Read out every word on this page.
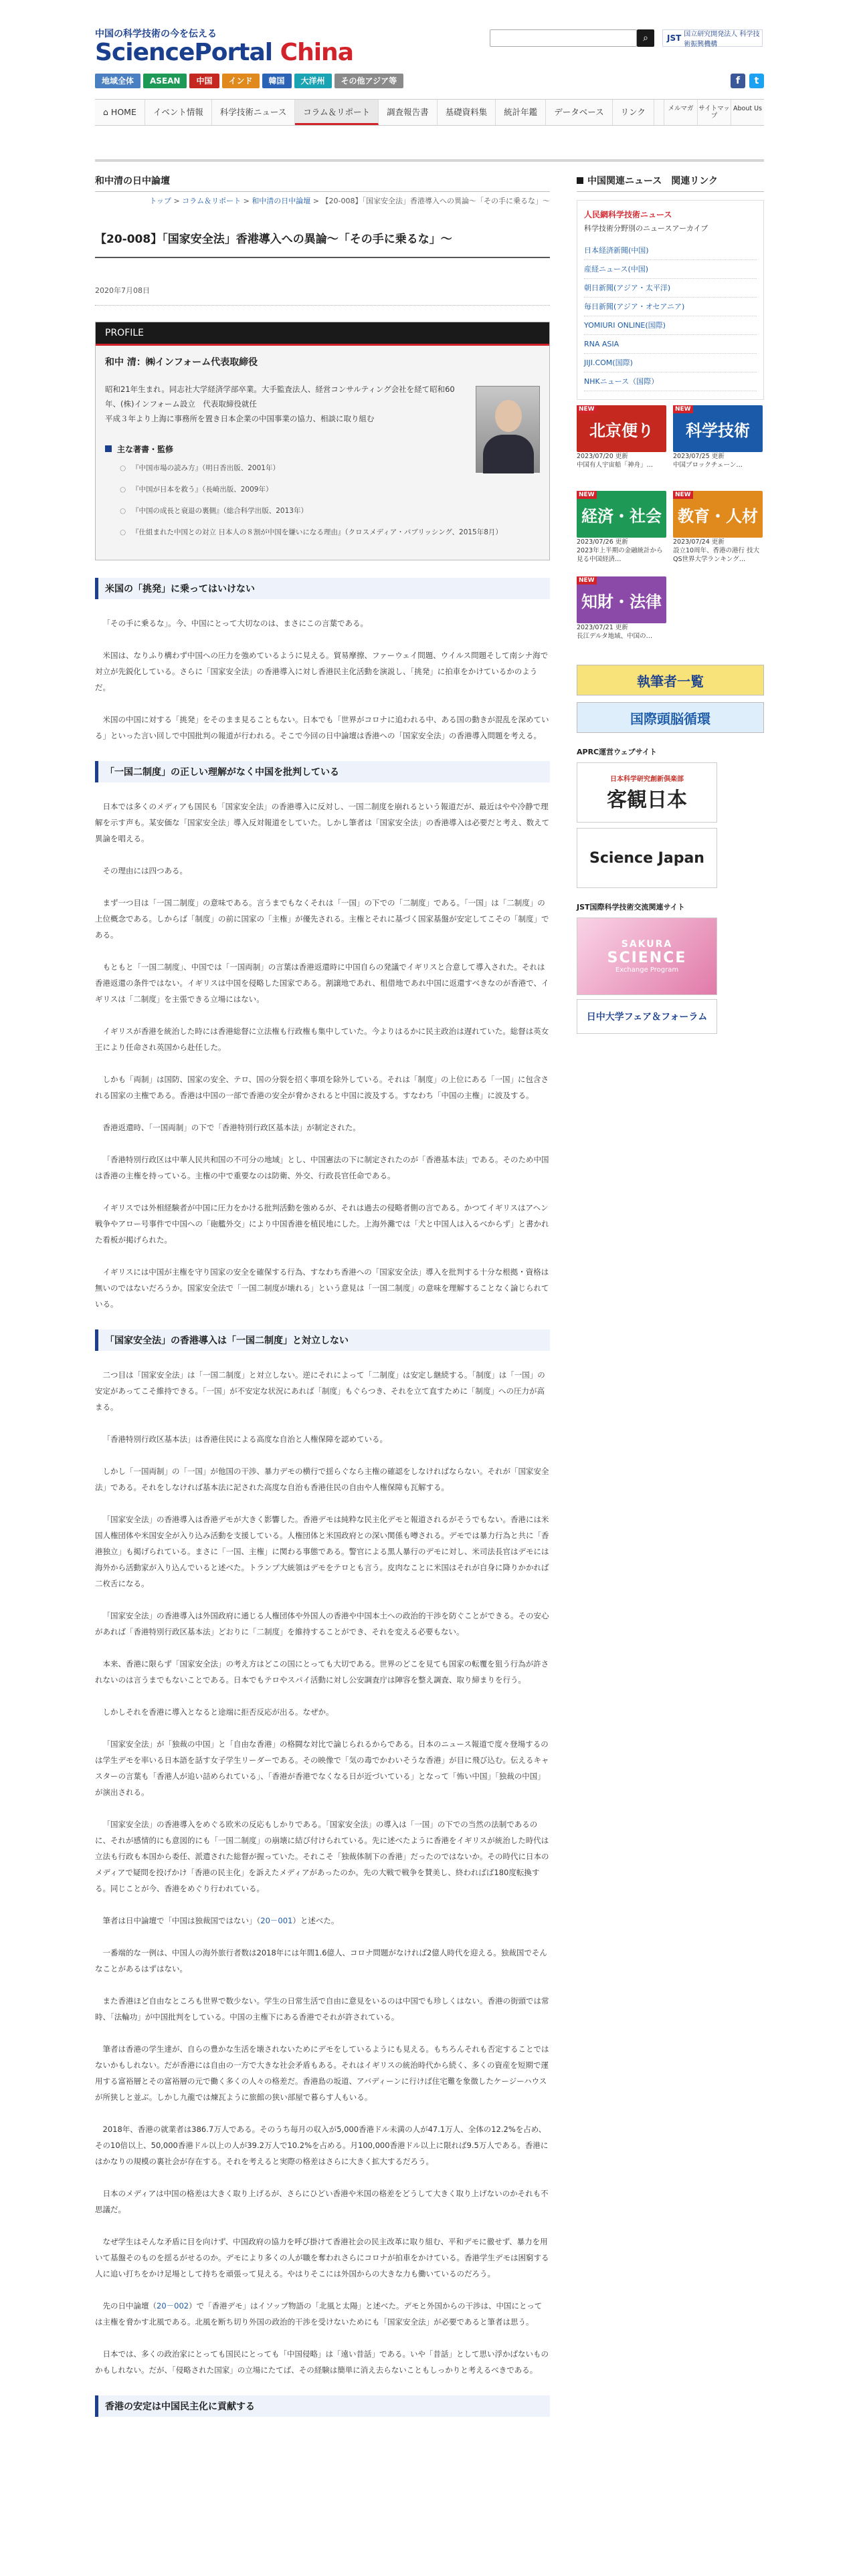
中国の科学技術の今を伝える
SciencePortal China
⌕	JST 国立研究開発法人 科学技術振興機構
地域全体	ASEAN	中国	インド	韓国	大洋州	その他アジア等	f	t
⌂ HOME	イベント情報	科学技術ニュース	コラム＆リポート	調査報告書	基礎資料集	統計年鑑	データベース	リンク	メルマガ サイトマップ
About Us
和中清の日中論壇
トップ > コラム＆リポート > 和中清の日中論壇 > 【20-008】「国家安全法」香港導入への異論～「その手に乗るな」～
【20-008】「国家安全法」香港導入への異論～「その手に乗るな」～
2020年7月08日
PROFILE
和中 清：㈱インフォーム代表取締役
昭和21年生まれ。同志社大学経済学部卒業。大手監査法人、経営コンサルティング会社を経て昭和60年、(株)インフォーム設立　代表取締役就任
平成３年より上海に事務所を置き日本企業の中国事業の協力、相談に取り組む
主な著書・監修
○ 『中国市場の読み方』（明日香出版、2001年）
○ 『中国が日本を救う』（長崎出版、2009年）
○ 『中国の成長と衰退の裏側』（総合科学出版、2013年）
○ 『仕組まれた中国との対立 日本人の８割が中国を嫌いになる理由』（クロスメディア・パブリッシング、2015年8月）
米国の「挑発」に乗ってはいけない

「その手に乗るな」。今、中国にとって大切なのは、まさにこの言葉である。

米国は、なりふり構わず中国への圧力を強めているように見える。貿易摩擦、ファーウェイ問題、ウイルス問題そして南シナ海で対立が先鋭化している。さらに「国家安全法」の香港導入に対し香港民主化活動を演説し、「挑発」に拍車をかけているかのようだ。

米国の中国に対する「挑発」をそのまま見ることもない。日本でも「世界がコロナに追われる中、ある国の動きが混乱を深めている」といった言い回しで中国批判の報道が行われる。そこで今回の日中論壇は香港への「国家安全法」の香港導入問題を考える。

「一国二制度」の正しい理解がなく中国を批判している

日本では多くのメディアも国民も「国家安全法」の香港導入に反対し、一国二制度を崩れるという報道だが、最近はやや冷静で理解を示す声も。某安価な「国家安全法」導入反対報道をしていた。しかし筆者は「国家安全法」の香港導入は必要だと考え、数えて異論を唱える。

その理由には四つある。

まず一つ目は「一国二制度」の意味である。言うまでもなくそれは「一国」の下での「二制度」である。「一国」は「二制度」の上位概念である。しからば「制度」の前に国家の「主権」が優先される。主権とそれに基づく国家基盤が安定してこその「制度」である。

もともと「一国二制度」、中国では「一国両制」の言葉は香港返還時に中国自らの発議でイギリスと合意して導入された。それは香港返還の条件ではない。イギリスは中国を侵略した国家である。割譲地であれ、租借地であれ中国に返還すべきなのが香港で、イギリスは「二制度」を主張できる立場にはない。

イギリスが香港を統治した時には香港総督に立法権も行政権も集中していた。今よりはるかに民主政治は遅れていた。総督は英女王により任命され英国から赴任した。

しかも「両制」は国防、国家の安全、テロ、国の分裂を招く事項を除外している。それは「制度」の上位にある「一国」に包含される国家の主権である。香港は中国の一部で香港の安全が脅かされると中国に波及する。すなわち「中国の主権」に波及する。

香港返還時、「一国両制」の下で「香港特別行政区基本法」が制定された。

「香港特別行政区は中華人民共和国の不可分の地域」とし、中国憲法の下に制定されたのが「香港基本法」である。そのため中国は香港の主権を持っている。主権の中で重要なのは防衛、外交、行政長官任命である。

イギリスでは外相経験者が中国に圧力をかける批判活動を強めるが、それは過去の侵略者側の言である。かつてイギリスはアヘン戦争やアロー号事件で中国への「砲艦外交」により中国香港を植民地にした。上海外灘では「犬と中国人は入るべからず」と書かれた看板が掲げられた。

イギリスには中国が主権を守り国家の安全を確保する行為、すなわち香港への「国家安全法」導入を批判する十分な根拠・資格は無いのではないだろうか。国家安全法で「一国二制度が壊れる」という意見は「一国二制度」の意味を理解することなく論じられている。

「国家安全法」の香港導入は「一国二制度」と対立しない

二つ目は「国家安全法」は「一国二制度」と対立しない。逆にそれによって「二制度」は安定し継続する。「制度」は「一国」の安定があってこそ維持できる。「一国」が不安定な状況にあれば「制度」もぐらつき、それを立て直すために「制度」への圧力が高まる。

「香港特別行政区基本法」は香港住民による高度な自治と人権保障を認めている。

しかし「一国両制」の「一国」が他国の干渉、暴力デモの横行で揺らぐなら主権の確認をしなければならない。それが「国家安全法」である。それをしなければ基本法に記された高度な自治も香港住民の自由や人権保障も瓦解する。

「国家安全法」の香港導入は香港デモが大きく影響した。香港デモは純粋な民主化デモと報道されるがそうでもない。香港には米国人権団体や米国安全が入り込み活動を支援している。人権団体と米国政府との深い関係も噂される。デモでは暴力行為と共に「香港独立」も掲げられている。まさに「一国、主権」に関わる事態である。警官による黒人暴行のデモに対し、米司法長官はデモには海外から活動家が入り込んでいると述べた。トランプ大統領はデモをテロとも言う。皮肉なことに米国はそれが自身に降りかかれば二枚舌になる。

「国家安全法」の香港導入は外国政府に通じる人権団体や外国人の香港や中国本土への政治的干渉を防ぐことができる。その安心があれば「香港特別行政区基本法」どおりに「二制度」を維持することができ、それを変える必要もない。

本来、香港に限らず「国家安全法」の考え方はどこの国にとっても大切である。世界のどこを見ても国家の転覆を狙う行為が許されないのは言うまでもないことである。日本でもテロやスパイ活動に対し公安調査庁は陣容を整え調査、取り締まりを行う。

しかしそれを香港に導入となると途端に拒否反応が出る。なぜか。

「国家安全法」が「独裁の中国」と「自由な香港」の格闘な対比で論じられるからである。日本のニュース報道で度々登場するのは学生デモを率いる日本語を話す女子学生リーダーである。その映像で「気の毒でかわいそうな香港」が目に飛び込む。伝えるキャスターの言葉も「香港人が追い詰められている」、「香港が香港でなくなる日が近づいている」となって「怖い中国」「独裁の中国」が演出される。

「国家安全法」の香港導入をめぐる欧米の反応もしかりである。「国家安全法」の導入は「一国」の下での当然の法制であるのに、それが感情的にも意図的にも「一国二制度」の崩壊に結び付けられている。先に述べたように香港をイギリスが統治した時代は立法も行政も本国から委任、派遣された総督が握っていた。それこそ「独裁体制下の香港」だったのではないか。その時代に日本のメディアで疑問を投げかけ「香港の民主化」を訴えたメディアがあったのか。先の大戦で戦争を賛美し、終わればば180度転換する。同じことが今、香港をめぐり行われている。

筆者は日中論壇で「中国は独裁国ではない」（20－001）と述べた。

一番端的な一例は、中国人の海外旅行者数は2018年には年間1.6億人、コロナ問題がなければ2億人時代を迎える。独裁国でそんなことがあるはずはない。

また香港ほど自由なところも世界で数少ない。学生の日常生活で自由に意見をいるのは中国でも珍しくはない。香港の街頭では常時、「法輪功」が中国批判をしている。中国の主権下にある香港でそれが許されている。

筆者は香港の学生達が、自らの豊かな生活を壊されないためにデモをしているようにも見える。もちろんそれも否定することではないかもしれない。だが香港には自由の一方で大きな社会矛盾もある。それはイギリスの統治時代から続く、多くの資産を短期で運用する富裕層とその富裕層の元で働く多くの人々の格差だ。香港島の坂道、アバディーンに行けば住宅難を象徴したケージーハウスが所狭しと並ぶ。しかし九龍では煉瓦ように旅館の狭い部屋で暮らす人もいる。

2018年、香港の就業者は386.7万人である。そのうち毎月の収入が5,000香港ドル未満の人が47.1万人、全体の12.2%を占め、その10倍以上、50,000香港ドル以上の人が39.2万人で10.2%を占める。月100,000香港ドル以上に限れば9.5万人である。香港にはかなりの規模の裏社会が存在する。それを考えると実際の格差はさらに大きく拡大するだろう。

日本のメディアは中国の格差は大きく取り上げるが、さらにひどい香港や米国の格差をどうして大きく取り上げないのかそれも不思議だ。

なぜ学生はそんな矛盾に目を向けず、中国政府の協力を呼び掛けて香港社会の民主改革に取り組む、平和デモに徹せず、暴力を用いて基盤そのものを揺るがせるのか。デモにより多くの人が職を奪われさらにコロナが拍車をかけている。香港学生デモは困窮する人に追い打ちをかけ足場として持ちを頑張って見える。やはりそこには外国からの大きな力も働いているのだろう。

先の日中論壇（20－002）で「香港デモ」はイソップ物語の「北風と太陽」と述べた。デモと外国からの干渉は、中国にとって は主権を脅かす北風である。北風を断ち切り外国の政治的干渉を受けないためにも「国家安全法」が必要であると筆者は思う。

日本では、多くの政治家にとっても国民にとっても「中国侵略」は「遠い昔話」である。いや「昔話」として思い浮かばないものかもしれない。だが、「侵略された国家」の立場にたてば、その経験は簡単に消え去らないこともしっかりと考えるべきである。

香港の安定は中国民主化に貢献する
中国関連ニュース　関連リンク
人民網科学技術ニュース
科学技術分野別のニュースアーカイブ
日本経済新聞(中国)
産経ニュース(中国)
朝日新聞(アジア・太平洋)
毎日新聞(アジア・オセアニア)
YOMIURI ONLINE(国際)
RNA ASIA
JIJI.COM(国際)
NHKニュース（国際）
NEW
北京便り
2023/07/20 更新
中国有人宇宙船「神舟」…
NEW
科学技術
2023/07/25 更新
中国ブロックチェーン…
NEW
経済・社会
2023/07/26 更新
2023年上半期の金融統計から見る中国経済…
NEW
教育・人材
2023/07/24 更新
設立10周年、香港の港行 技大 QS世界大学ランキング…
NEW
知財・法律
2023/07/21 更新
長江デルタ地域、中国の…
執筆者一覧
国際頭脳循環
APRC運営ウェブサイト
日本科学研究創新倶楽部
客観日本
Science Japan
JST国際科学技術交流関連サイト
SAKURA
SCIENCE
Exchange Program
日中大学フェア＆フォーラム
